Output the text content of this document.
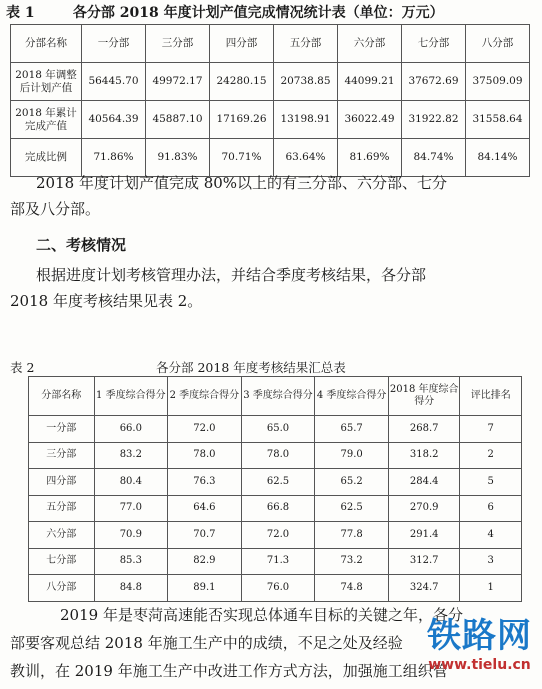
表 1	各分部 2018 年度计划产值完成情况统计表（单位：万元）
分部名称	一分部	三分部	四分部	五分部	六分部	七分部	八分部
2018 年调整后计划产值	56445.70	49972.17	24280.15	20738.85	44099.21	37672.69	37509.09
2018 年累计完成产值	40564.39	45887.10	17169.26	13198.91	36022.49	31922.82	31558.64
完成比例	71.86%	91.83%	70.71%	63.64%	81.69%	84.74%	84.14%
2018 年度计划产值完成 80%以上的有三分部、六分部、七分
部及八分部。
二、考核情况
根据进度计划考核管理办法，并结合季度考核结果，各分部
2018 年度考核结果见表 2。
表 2	各分部 2018 年度考核结果汇总表
分部名称	1 季度综合得分	2 季度综合得分	3 季度综合得分	4 季度综合得分	2018 年度综合得分	评比排名
一分部	66.0	72.0	65.0	65.7	268.7	7
三分部	83.2	78.0	78.0	79.0	318.2	2
四分部	80.4	76.3	62.5	65.2	284.4	5
五分部	77.0	64.6	66.8	62.5	270.9	6
六分部	70.9	70.7	72.0	77.8	291.4	4
七分部	85.3	82.9	71.3	73.2	312.7	3
八分部	84.8	89.1	76.0	74.8	324.7	1
2019 年是枣菏高速能否实现总体通车目标的关键之年，各分
部要客观总结 2018 年施工生产中的成绩，不足之处及经验
教训，在 2019 年施工生产中改进工作方式方法，加强施工组织管
铁路网
www.tielu.cn
